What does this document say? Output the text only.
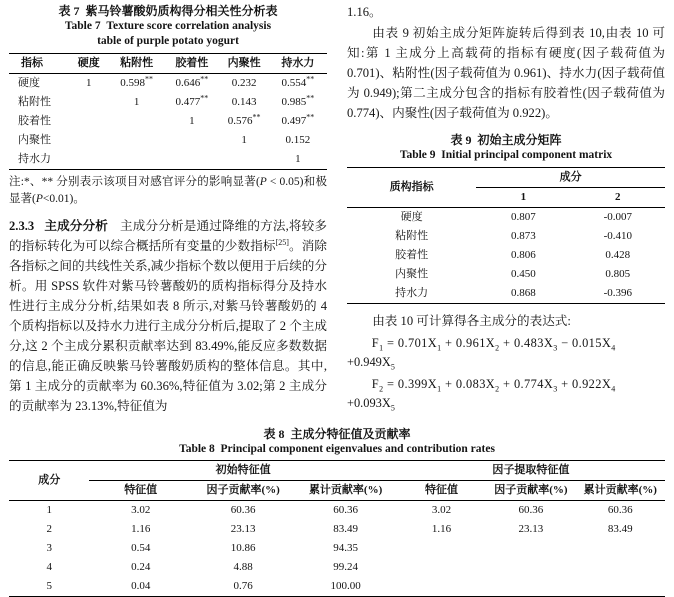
表 7  紫马铃薯酸奶质构得分相关性分析表
Table 7  Texture score correlation analysis
table of purple potato yogurt
指标	硬度	粘附性	胶着性	内聚性	持水力
硬度	1	0.598**	0.646**	0.232	0.554**
粘附性		1	0.477**	0.143	0.985**
胶着性			1	0.576**	0.497**
内聚性				1	0.152
持水力					1
注:*、** 分别表示该项目对感官评分的影响显著(P < 0.05)和极显著(P<0.01)。
2.3.3 主成分分析 主成分分析是通过降维的方法,将较多的指标转化为可以综合概括所有变量的少数指标[25]。消除各指标之间的共线性关系,减少指标个数以便用于后续的分析。用 SPSS 软件对紫马铃薯酸奶的质构指标得分及持水性进行主成分分析,结果如表 8 所示,对紫马铃薯酸奶的 4 个质构指标以及持水力进行主成分分析后,提取了 2 个主成分,这 2 个主成分累积贡献率达到 83.49%,能反应多数数据的信息,能正确反映紫马铃薯酸奶质构的整体信息。其中,第 1 主成分的贡献率为 60.36%,特征值为 3.02;第 2 主成分的贡献率为 23.13%,特征值为
1.16。
由表 9 初始主成分矩阵旋转后得到表 10,由表 10 可知:第 1 主成分上高载荷的指标有硬度(因子载荷值为 0.701)、粘附性(因子载荷值为 0.961)、持水力(因子载荷值为 0.949);第二主成分包含的指标有胶着性(因子载荷值为 0.774)、内聚性(因子载荷值为 0.922)。
表 9  初始主成分矩阵
Table 9  Initial principal component matrix
质构指标	成分	
	1	2
硬度	0.807	-0.007
粘附性	0.873	-0.410
胶着性	0.806	0.428
内聚性	0.450	0.805
持水力	0.868	-0.396
由表 10 可计算得各主成分的表达式:
$F_1 = 0.701X_1 + 0.961X_2 + 0.483X_3 - 0.015X_4$
$+0.949X_5$
$F_2 = 0.399X_1 + 0.083X_2 + 0.774X_3 + 0.922X_4$
$+0.093X_5$
表 8  主成分特征值及贡献率
Table 8  Principal component eigenvalues and contribution rates
成分	初始特征值			因子提取特征值		
	特征值	因子贡献率(%)	累计贡献率(%)	特征值	因子贡献率(%)	累计贡献率(%)
1	3.02	60.36	60.36	3.02	60.36	60.36
2	1.16	23.13	83.49	1.16	23.13	83.49
3	0.54	10.86	94.35			
4	0.24	4.88	99.24			
5	0.04	0.76	100.00			
